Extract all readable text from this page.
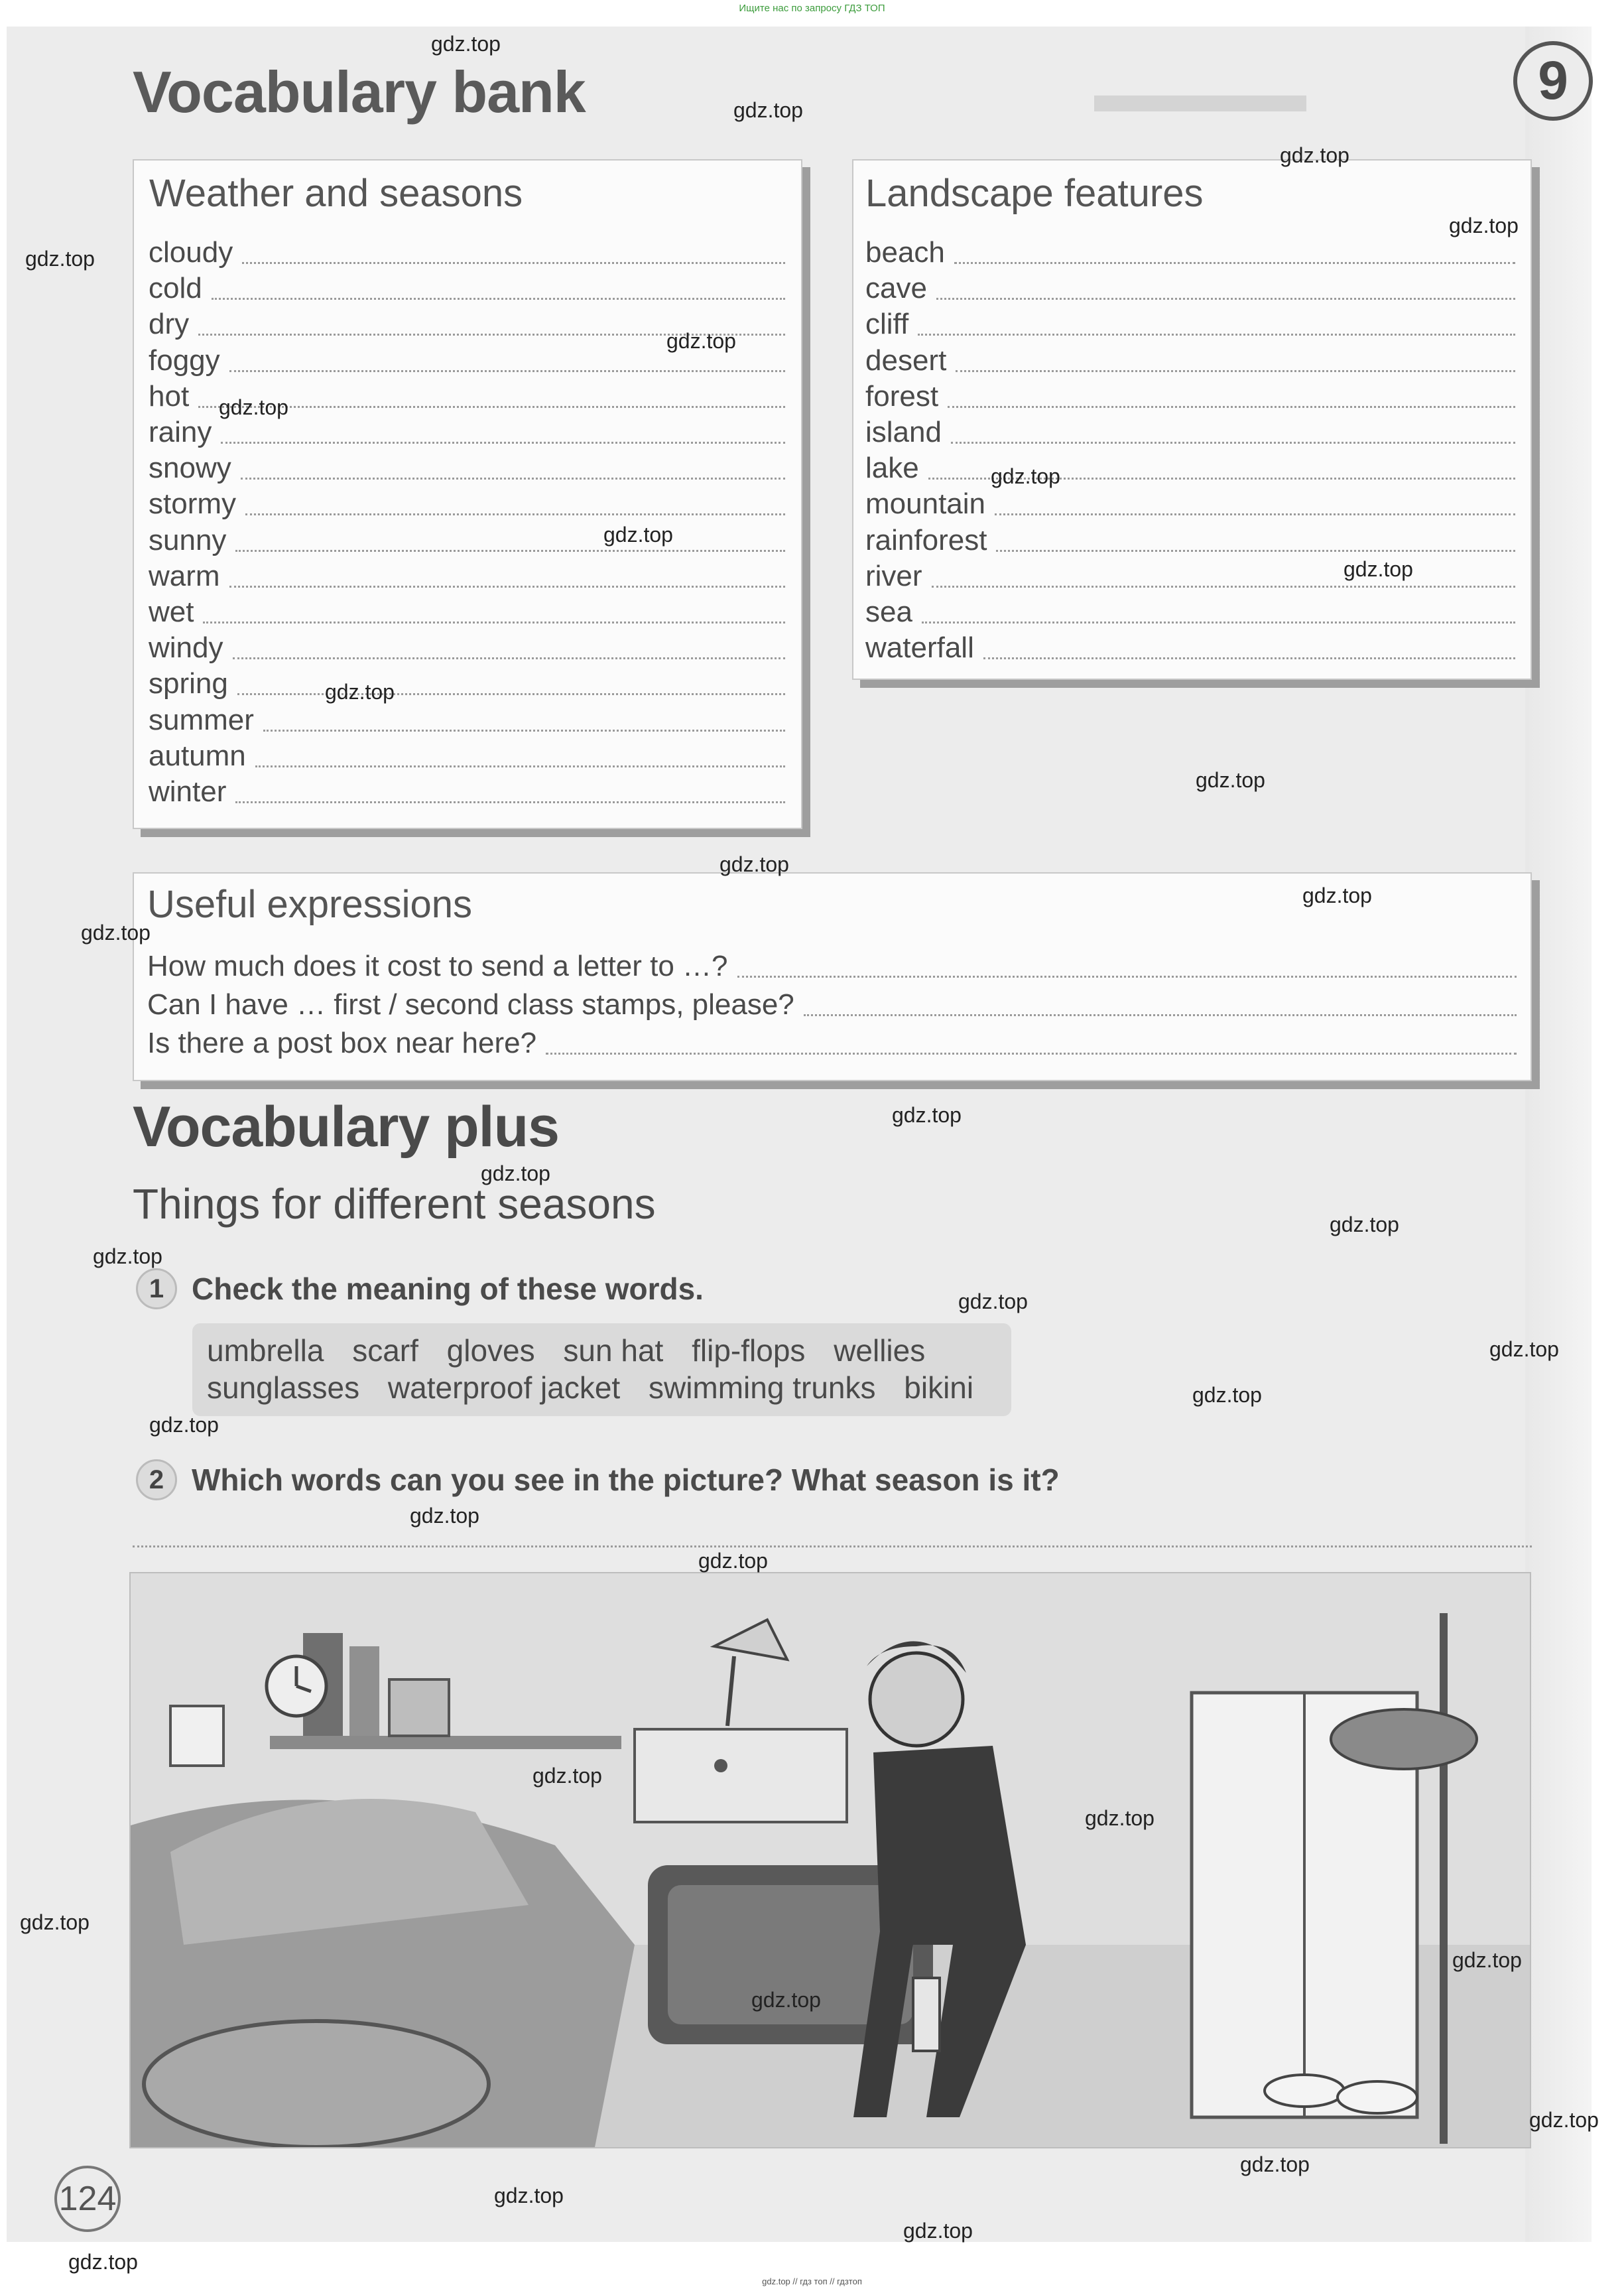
Ищите нас по запросу ГДЗ ТОП
▬▬▬▬
Vocabulary bank	9
Weather and seasons
cloudy
cold
dry
foggy
hot
rainy
snowy
stormy
sunny
warm
wet
windy
spring
summer
autumn
winter
Landscape features
beach
cave
cliff
desert
forest
island
lake
mountain
rainforest
river
sea
waterfall
Useful expressions
How much does it cost to send a letter to …?
Can I have … first / second class stamps, please?
Is there a post box near here?
Vocabulary plus
Things for different seasons
1 Check the meaning of these words.
umbrella scarf gloves sun hat flip-flops wellies
sunglasses waterproof jacket swimming trunks bikini
2 Which words can you see in the picture? What season is it?
124
gdz.top
gdz.top
gdz.top
gdz.top
gdz.top
gdz.top
gdz.top
gdz.top
gdz.top
gdz.top
gdz.top
gdz.top
gdz.top
gdz.top
gdz.top
gdz.top
gdz.top
gdz.top
gdz.top
gdz.top
gdz.top
gdz.top
gdz.top
gdz.top
gdz.top
gdz.top
gdz.top
gdz.top
gdz.top
gdz.top
gdz.top
gdz.top
gdz.top
gdz.top
gdz.top
gdz.top // гдз топ // гдзтоп
